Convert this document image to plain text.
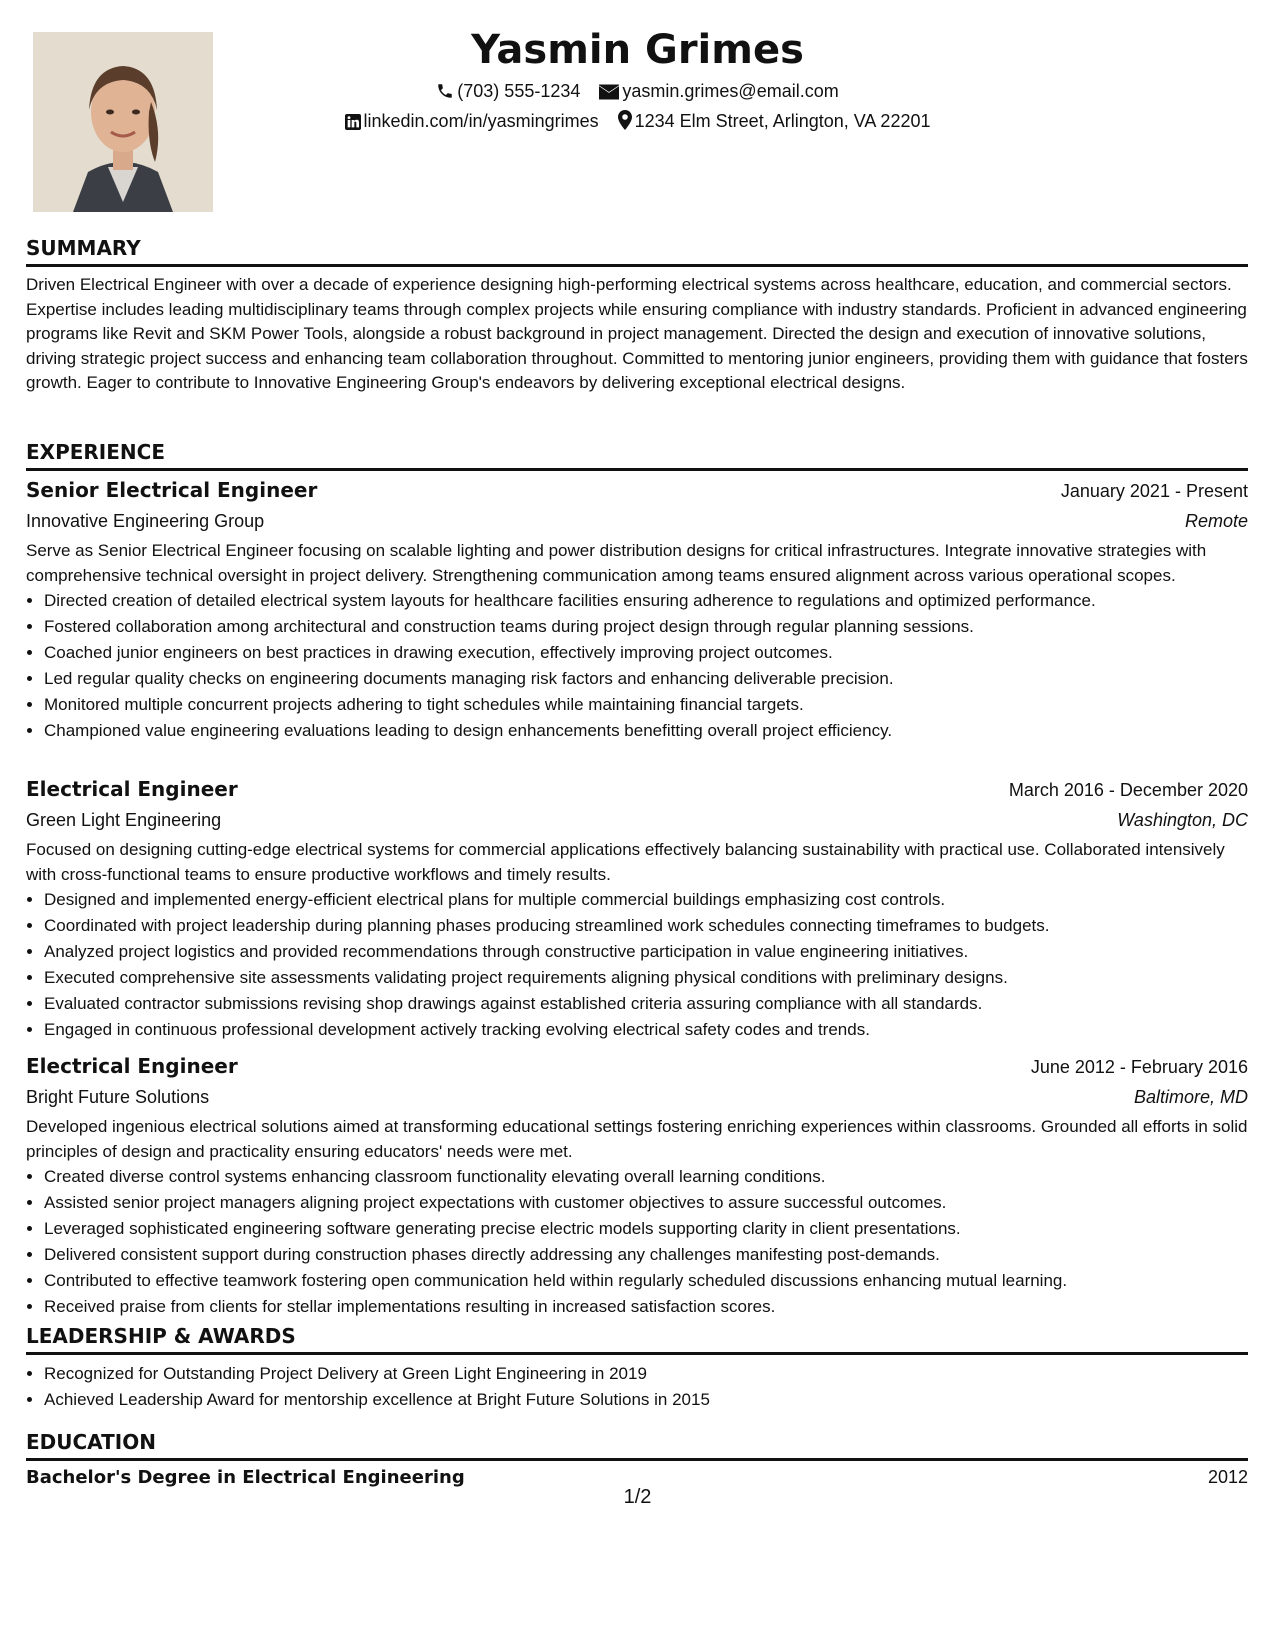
Yasmin Grimes
(703) 555-1234 yasmin.grimes@email.com
linkedin.com/in/yasmingrimes 1234 Elm Street, Arlington, VA 22201
SUMMARY

Driven Electrical Engineer with over a decade of experience designing high-performing electrical systems across healthcare, education, and commercial sectors. Expertise includes leading multidisciplinary teams through complex projects while ensuring compliance with industry standards. Proficient in advanced engineering programs like Revit and SKM Power Tools, alongside a robust background in project management. Directed the design and execution of innovative solutions, driving strategic project success and enhancing team collaboration throughout. Committed to mentoring junior engineers, providing them with guidance that fosters growth. Eager to contribute to Innovative Engineering Group's endeavors by delivering exceptional electrical designs.

EXPERIENCE
Senior Electrical Engineer	January 2021 - Present
Innovative Engineering Group	Remote

Serve as Senior Electrical Engineer focusing on scalable lighting and power distribution designs for critical infrastructures. Integrate innovative strategies with comprehensive technical oversight in project delivery. Strengthening communication among teams ensured alignment across various operational scopes.

• Directed creation of detailed electrical system layouts for healthcare facilities ensuring adherence to regulations and optimized performance.
• Fostered collaboration among architectural and construction teams during project design through regular planning sessions.
• Coached junior engineers on best practices in drawing execution, effectively improving project outcomes.
• Led regular quality checks on engineering documents managing risk factors and enhancing deliverable precision.
• Monitored multiple concurrent projects adhering to tight schedules while maintaining financial targets.
• Championed value engineering evaluations leading to design enhancements benefitting overall project efficiency.
Electrical Engineer	March 2016 - December 2020
Green Light Engineering	Washington, DC

Focused on designing cutting-edge electrical systems for commercial applications effectively balancing sustainability with practical use. Collaborated intensively with cross-functional teams to ensure productive workflows and timely results.

• Designed and implemented energy-efficient electrical plans for multiple commercial buildings emphasizing cost controls.
• Coordinated with project leadership during planning phases producing streamlined work schedules connecting timeframes to budgets.
• Analyzed project logistics and provided recommendations through constructive participation in value engineering initiatives.
• Executed comprehensive site assessments validating project requirements aligning physical conditions with preliminary designs.
• Evaluated contractor submissions revising shop drawings against established criteria assuring compliance with all standards.
• Engaged in continuous professional development actively tracking evolving electrical safety codes and trends.
Electrical Engineer	June 2012 - February 2016
Bright Future Solutions	Baltimore, MD

Developed ingenious electrical solutions aimed at transforming educational settings fostering enriching experiences within classrooms. Grounded all efforts in solid principles of design and practicality ensuring educators' needs were met.

• Created diverse control systems enhancing classroom functionality elevating overall learning conditions.
• Assisted senior project managers aligning project expectations with customer objectives to assure successful outcomes.
• Leveraged sophisticated engineering software generating precise electric models supporting clarity in client presentations.
• Delivered consistent support during construction phases directly addressing any challenges manifesting post-demands.
• Contributed to effective teamwork fostering open communication held within regularly scheduled discussions enhancing mutual learning.
• Received praise from clients for stellar implementations resulting in increased satisfaction scores.
LEADERSHIP & AWARDS
• Recognized for Outstanding Project Delivery at Green Light Engineering in 2019
• Achieved Leadership Award for mentorship excellence at Bright Future Solutions in 2015
EDUCATION
Bachelor's Degree in Electrical Engineering	2012
1/2
